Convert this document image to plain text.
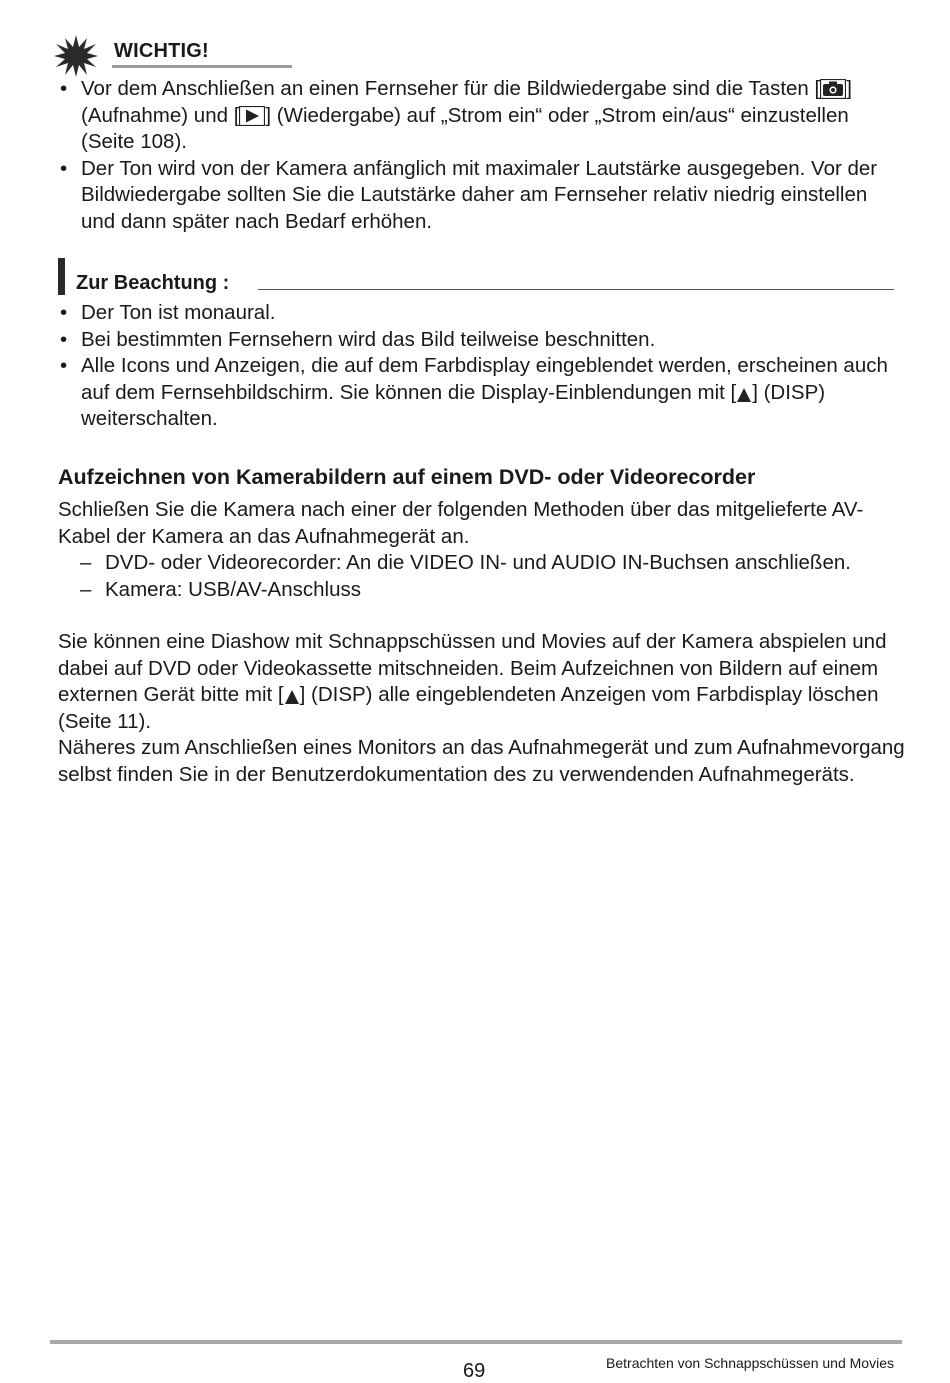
WICHTIG!
• Vor dem Anschließen an einen Fernseher für die Bildwiedergabe sind die Tasten [ ] (Aufnahme) und [ ] (Wiedergabe) auf „Strom ein“ oder „Strom ein/aus“ einzustellen (Seite 108).
• Der Ton wird von der Kamera anfänglich mit maximaler Lautstärke ausgegeben. Vor der Bildwiedergabe sollten Sie die Lautstärke daher am Fernseher relativ niedrig einstellen und dann später nach Bedarf erhöhen.
Zur Beachtung :
• Der Ton ist monaural.
• Bei bestimmten Fernsehern wird das Bild teilweise beschnitten.
• Alle Icons und Anzeigen, die auf dem Farbdisplay eingeblendet werden, erscheinen auch auf dem Fernsehbildschirm. Sie können die Display-Einblendungen mit [ ] (DISP) weiterschalten.
Aufzeichnen von Kamerabildern auf einem DVD- oder Videorecorder
Schließen Sie die Kamera nach einer der folgenden Methoden über das mitgelieferte AV-Kabel der Kamera an das Aufnahmegerät an.
– DVD- oder Videorecorder: An die VIDEO IN- und AUDIO IN-Buchsen anschließen.
– Kamera: USB/AV-Anschluss
Sie können eine Diashow mit Schnappschüssen und Movies auf der Kamera abspielen und dabei auf DVD oder Videokassette mitschneiden. Beim Aufzeichnen von Bildern auf einem externen Gerät bitte mit [ ] (DISP) alle eingeblendeten Anzeigen vom Farbdisplay löschen (Seite 11).
Näheres zum Anschließen eines Monitors an das Aufnahmegerät und zum Aufnahmevorgang selbst finden Sie in der Benutzerdokumentation des zu verwendenden Aufnahmegeräts.
69	Betrachten von Schnappschüssen und Movies
